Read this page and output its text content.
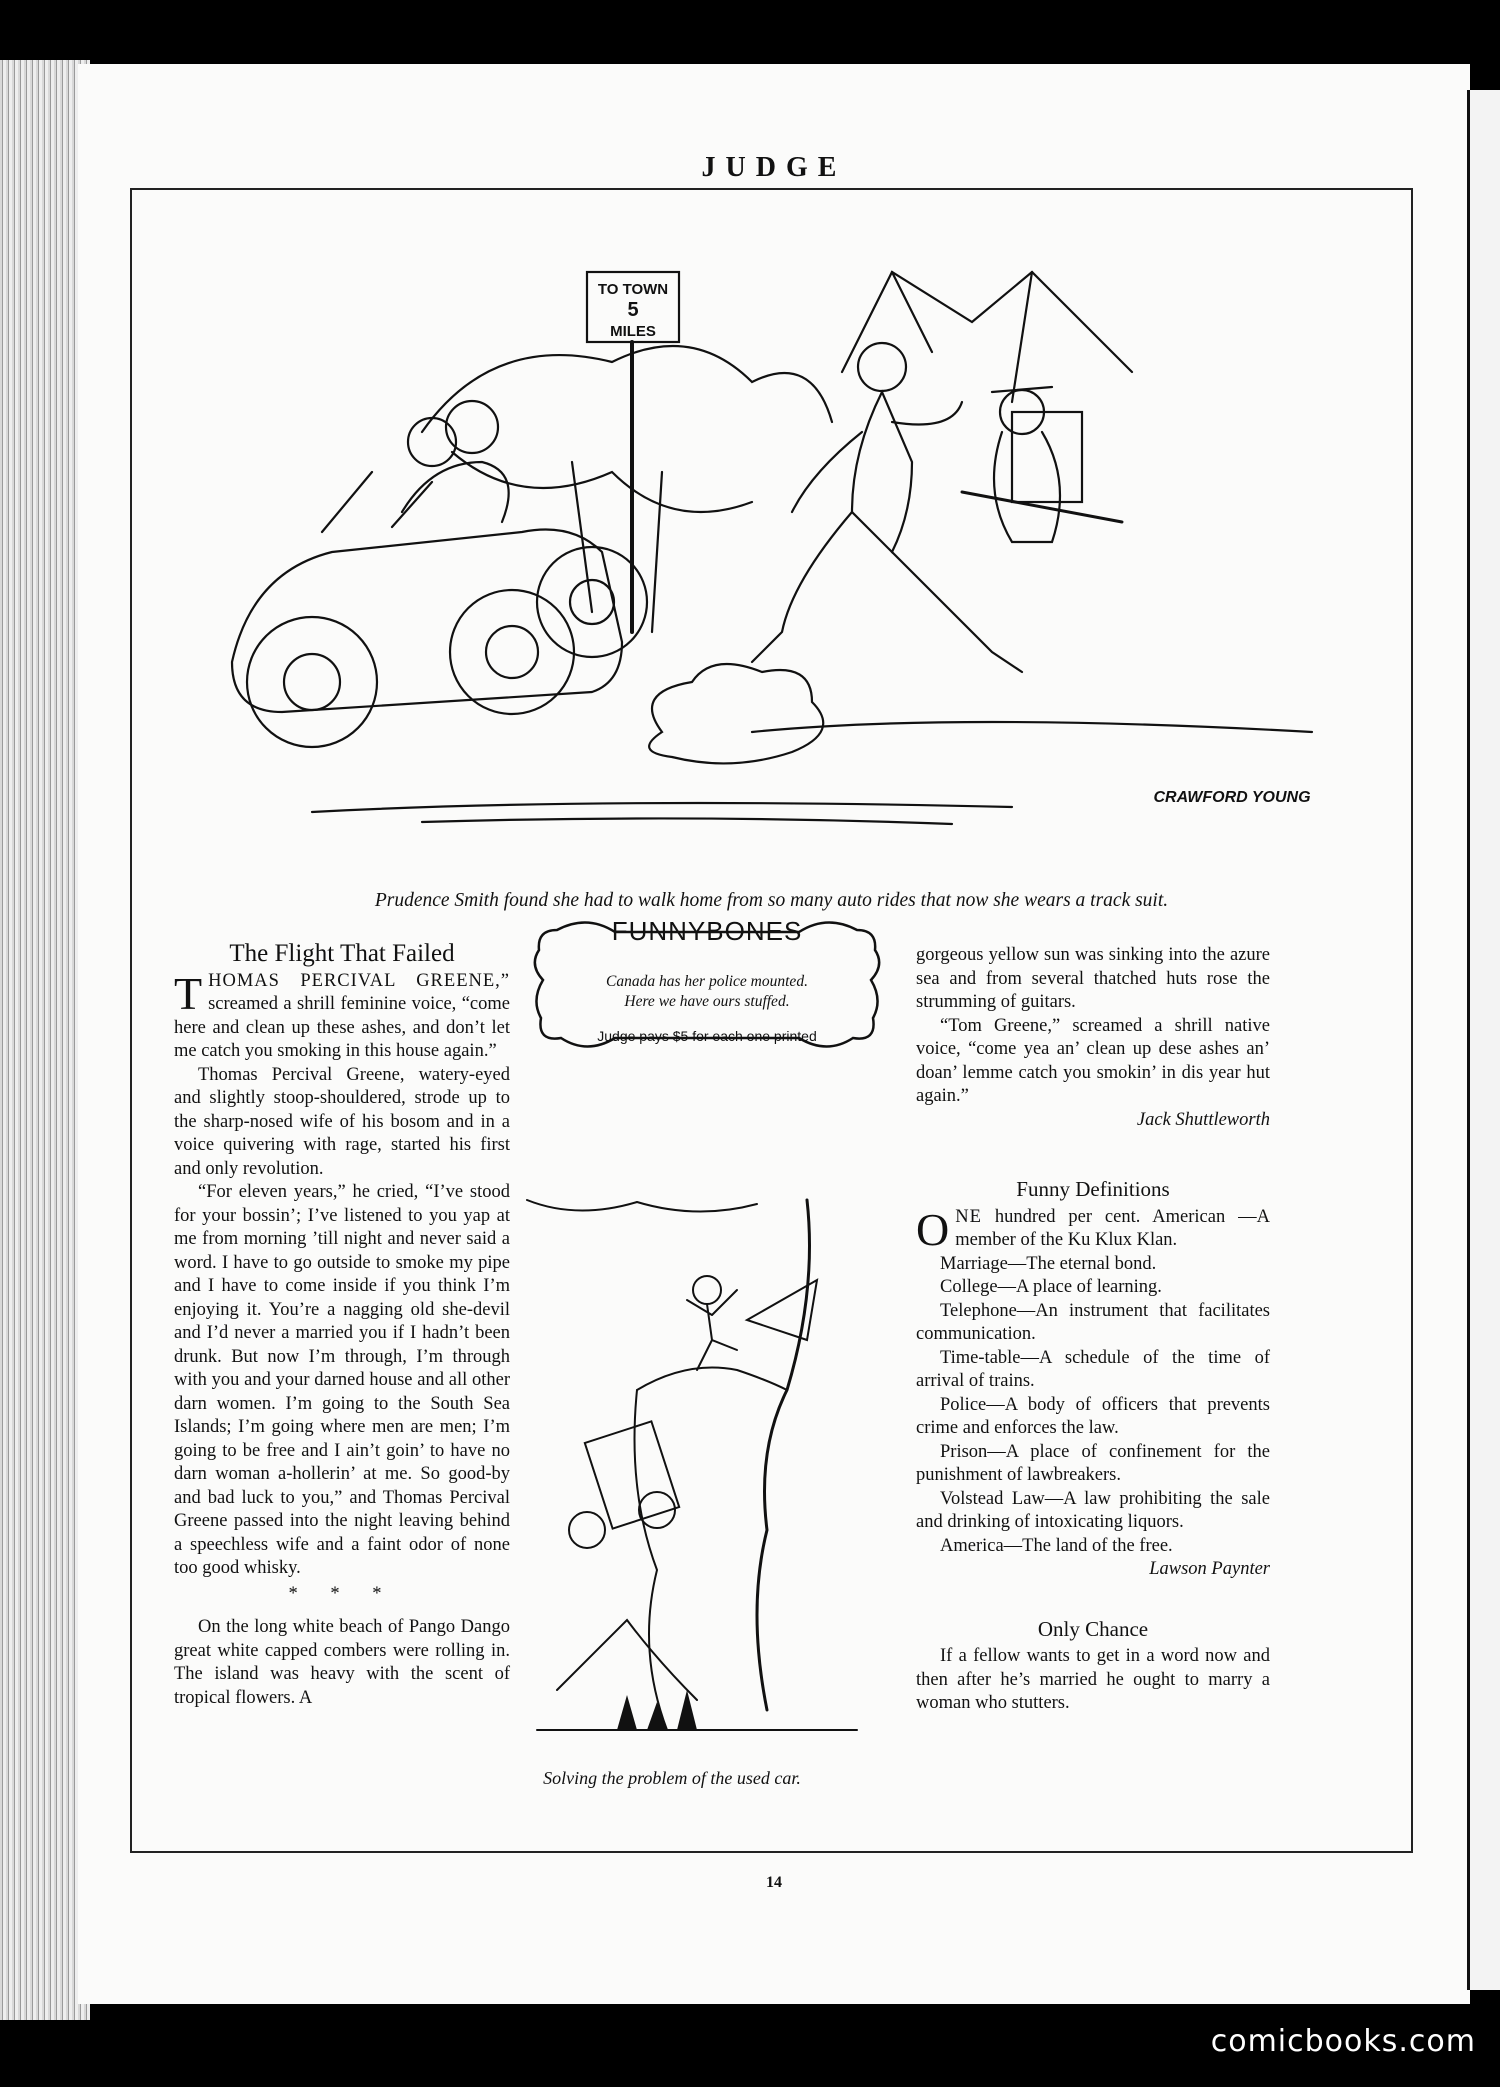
JUDGE
TO TOWN
5
MILES
CRAWFORD YOUNG
Prudence Smith found she had to walk home from so many auto rides that now she wears a track suit.
The Flight That Failed

T HOMAS PERCIVAL GREENE,” screamed a shrill feminine voice, “come here and clean up these ashes, and don’t let me catch you smoking in this house again.”

Thomas Percival Greene, watery-eyed and slightly stoop-shouldered, strode up to the sharp-nosed wife of his bosom and in a voice quivering with rage, started his first and only revolution.

“For eleven years,” he cried, “I’ve stood for your bossin’; I’ve listened to you yap at me from morning ’till night and never said a word. I have to go outside to smoke my pipe and I have to come inside if you think I’m enjoying it. You’re a nagging old she-devil and I’d never a married you if I hadn’t been drunk. But now I’m through, I’m through with you and your darned house and all other darn women. I’m going to the South Sea Islands; I’m going where men are men; I’m going to be free and I ain’t goin’ to have no darn woman a-hollerin’ at me. So good-by and bad luck to you,” and Thomas Percival Greene passed into the night leaving behind a speechless wife and a faint odor of none too good whisky.

* * *

On the long white beach of Pango Dango great white capped combers were rolling in. The island was heavy with the scent of tropical flowers. A

FUNNYBONES
Canada has her police mounted.
Here we have ours stuffed.
Judge pays $5 for each one printed
Solving the problem of the used car.

gorgeous yellow sun was sinking into the azure sea and from several thatched huts rose the strumming of guitars.

“Tom Greene,” screamed a shrill native voice, “come yea an’ clean up dese ashes an’ doan’ lemme catch you smokin’ in dis year hut again.”

Jack Shuttleworth
Funny Definitions

O NE hundred per cent. American —A member of the Ku Klux Klan.

Marriage—The eternal bond.

College—A place of learning.

Telephone—An instrument that facilitates communication.

Time-table—A schedule of the time of arrival of trains.

Police—A body of officers that prevents crime and enforces the law.

Prison—A place of confinement for the punishment of lawbreakers.

Volstead Law—A law prohibiting the sale and drinking of intoxicating liquors.

America—The land of the free.

Lawson Paynter
Only Chance

If a fellow wants to get in a word now and then after he’s married he ought to marry a woman who stutters.

14
comicbooks.com
